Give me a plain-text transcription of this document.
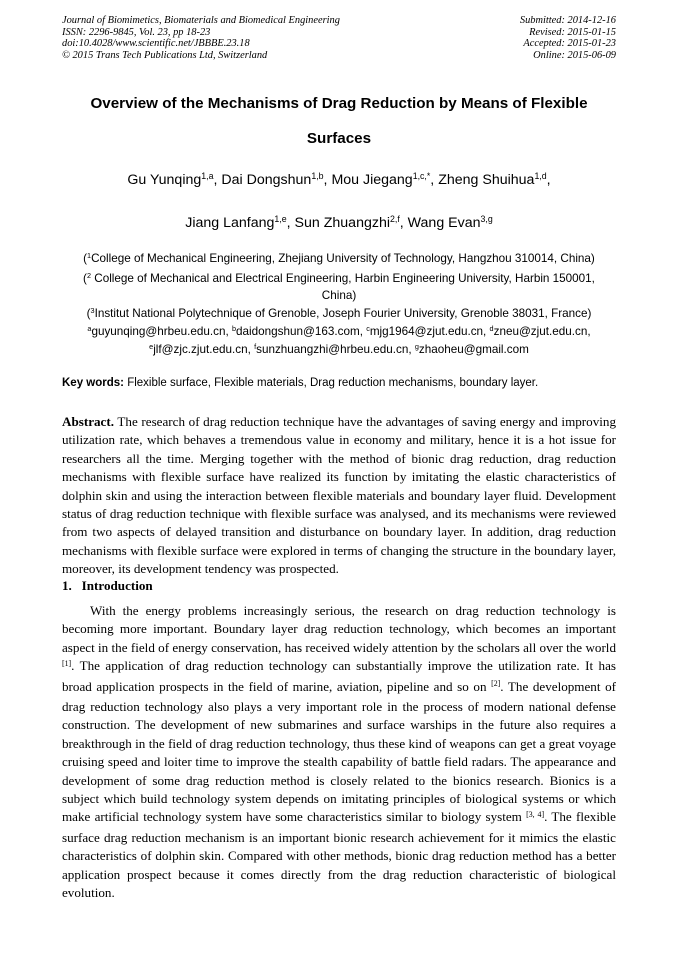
Journal of Biomimetics, Biomaterials and Biomedical Engineering
ISSN: 2296-9845, Vol. 23, pp 18-23
doi:10.4028/www.scientific.net/JBBBE.23.18
© 2015 Trans Tech Publications Ltd, Switzerland
Submitted: 2014-12-16
Revised: 2015-01-15
Accepted: 2015-01-23
Online: 2015-06-09
Overview of the Mechanisms of Drag Reduction by Means of Flexible
Surfaces
Gu Yunqing$^{1,a}$, Dai Dongshun$^{1,b}$, Mou Jiegang$^{1,c,*}$, Zheng Shuihua$^{1,d}$,
Jiang Lanfang$^{1,e}$, Sun Zhuangzhi$^{2,f}$, Wang Evan$^{3,g}$
($^1$College of Mechanical Engineering, Zhejiang University of Technology, Hangzhou 310014, China)
($^2$ College of Mechanical and Electrical Engineering, Harbin Engineering University, Harbin 150001,
China)
($^3$Institut National Polytechnique of Grenoble, Joseph Fourier University, Grenoble 38031, France)
$^a$guyunqing@hrbeu.edu.cn, $^b$daidongshun@163.com, $^c$mjg1964@zjut.edu.cn, $^d$zneu@zjut.edu.cn,
$^e$jlf@zjc.zjut.edu.cn, $^f$sunzhuangzhi@hrbeu.edu.cn, $^g$zhaoheu@gmail.com
Key words: Flexible surface, Flexible materials, Drag reduction mechanisms, boundary layer.
Abstract. The research of drag reduction technique have the advantages of saving energy and improving utilization rate, which behaves a tremendous value in economy and military, hence it is a hot issue for researchers all the time. Merging together with the method of bionic drag reduction, drag reduction mechanisms with flexible surface have realized its function by imitating the elastic characteristics of dolphin skin and using the interaction between flexible materials and boundary layer fluid. Development status of drag reduction technique with flexible surface was analysed, and its mechanisms were reviewed from two aspects of delayed transition and disturbance on boundary layer. In addition, drag reduction mechanisms with flexible surface were explored in terms of changing the structure in the boundary layer, moreover, its development tendency was prospected.
1. Introduction
With the energy problems increasingly serious, the research on drag reduction technology is becoming more important. Boundary layer drag reduction technology, which becomes an important aspect in the field of energy conservation, has received widely attention by the scholars all over the world [1]. The application of drag reduction technology can substantially improve the utilization rate. It has broad application prospects in the field of marine, aviation, pipeline and so on [2]. The development of drag reduction technology also plays a very important role in the process of modern national defense construction. The development of new submarines and surface warships in the future also requires a breakthrough in the field of drag reduction technology, thus these kind of weapons can get a great voyage cruising speed and loiter time to improve the stealth capability of battle field radars. The appearance and development of some drag reduction method is closely related to the bionics research. Bionics is a subject which build technology system depends on imitating principles of biological systems or which make artificial technology system have some characteristics similar to biology system [3, 4]. The flexible surface drag reduction mechanism is an important bionic research achievement for it mimics the elastic characteristics of dolphin skin. Compared with other methods, bionic drag reduction method has a better application prospect because it comes directly from the drag reduction characteristic of biological evolution.
